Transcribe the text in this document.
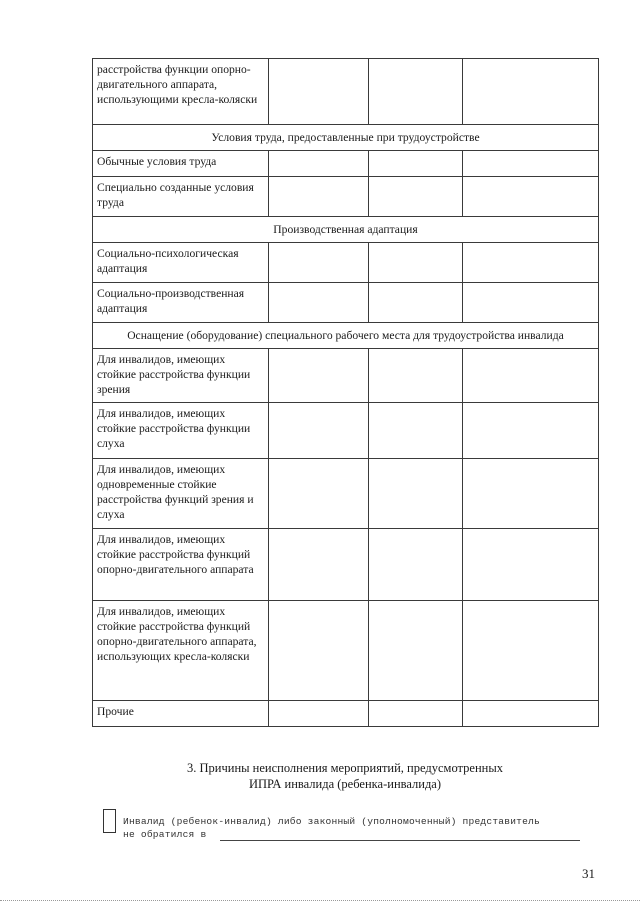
расстройства функции опорно-двигательного аппарата, использующими кресла-коляски			
Условия труда, предоставленные при трудоустройстве			
Обычные условия труда			
Специально созданные условия труда			
Производственная адаптация			
Социально-психологическая адаптация			
Социально-производственная адаптация			
Оснащение (оборудование) специального рабочего места для трудоустройства инвалида			
Для инвалидов, имеющих стойкие расстройства функции зрения			
Для инвалидов, имеющих стойкие расстройства функции слуха			
Для инвалидов, имеющих одновременные стойкие расстройства функций зрения и слуха			
Для инвалидов, имеющих стойкие расстройства функций опорно-двигательного аппарата			
Для инвалидов, имеющих стойкие расстройства функций опорно-двигательного аппарата, использующих кресла-коляски			
Прочие			
3. Причины неисполнения мероприятий, предусмотренных
ИПРА инвалида (ребенка-инвалида)
Инвалид (ребенок-инвалид) либо законный (уполномоченный) представитель
не обратился в
31
